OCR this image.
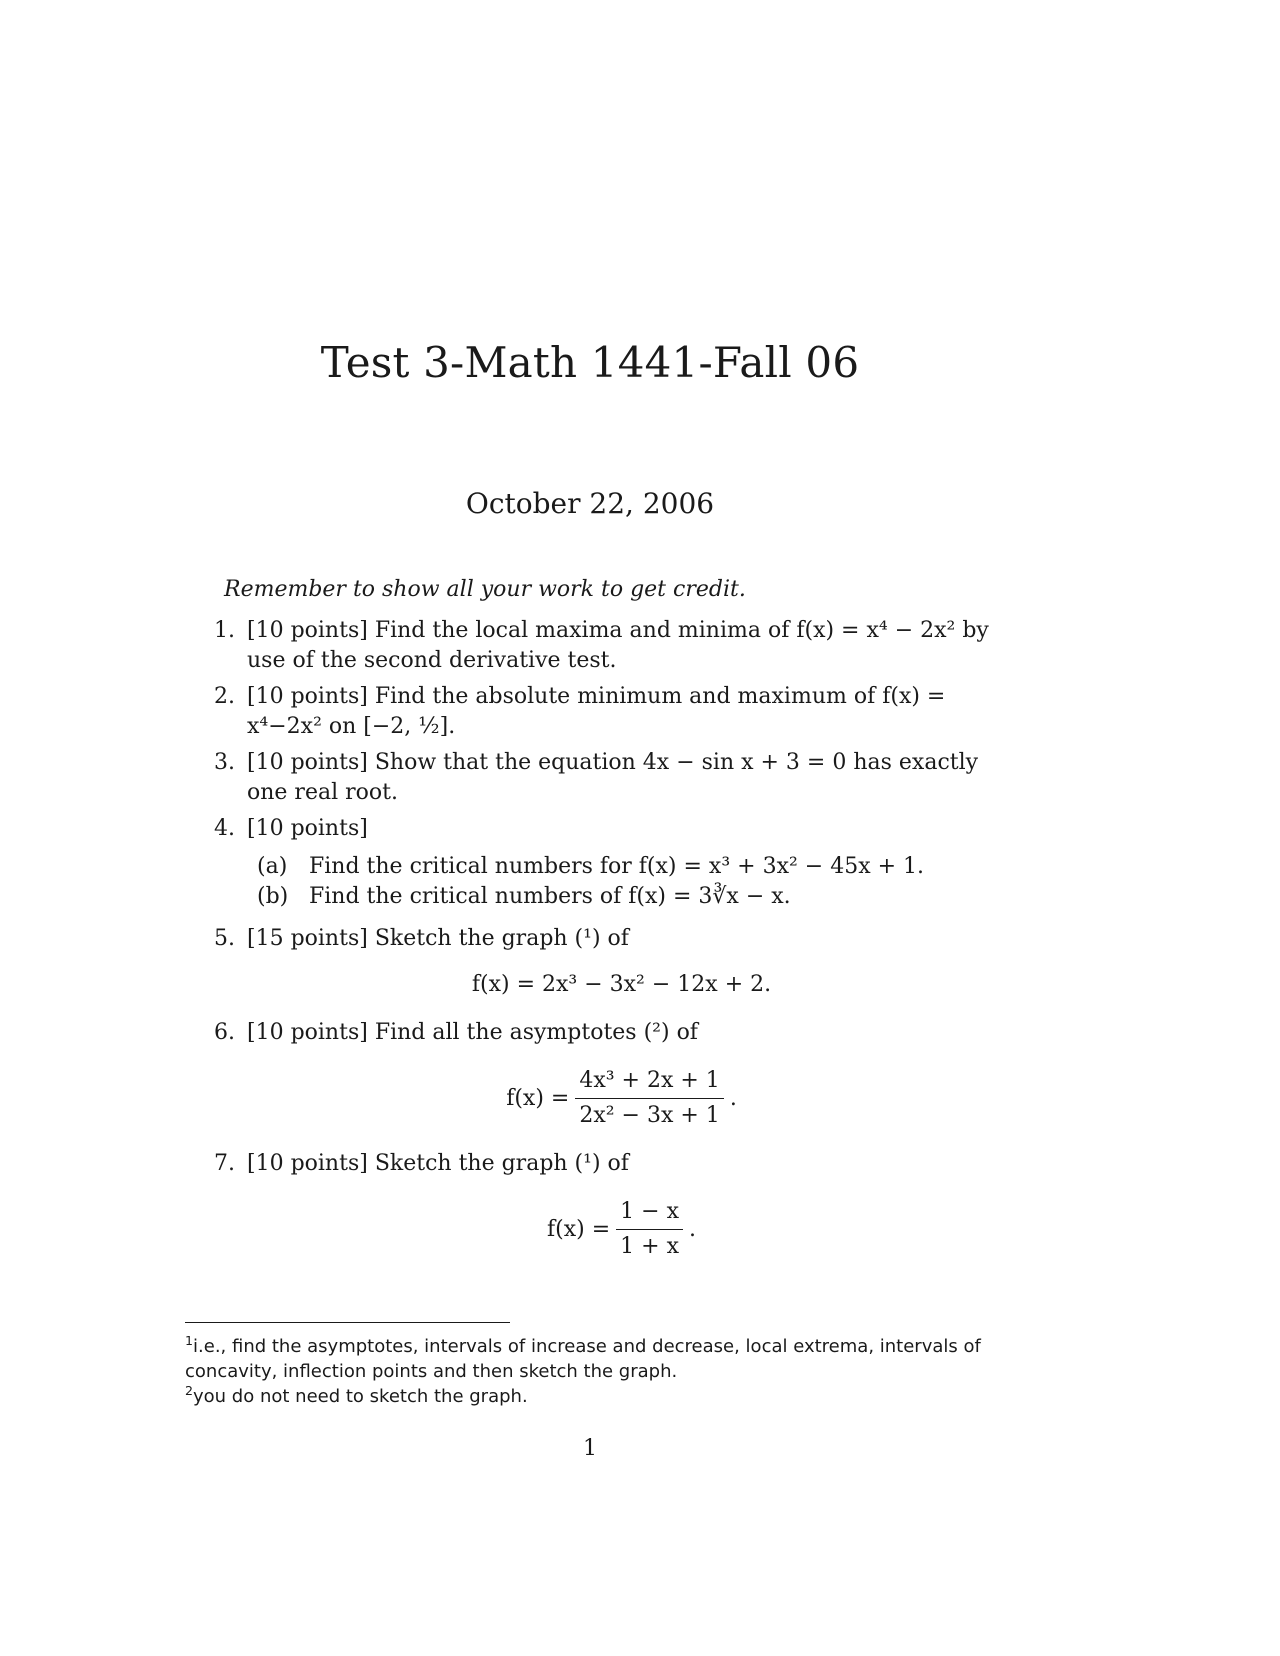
Test 3-Math 1441-Fall 06
October 22, 2006
Remember to show all your work to get credit.
1. [10 points] Find the local maxima and minima of f(x) = x⁴ − 2x² by use of the second derivative test.
2. [10 points] Find the absolute minimum and maximum of f(x) = x⁴−2x² on [−2, ½].
3. [10 points] Show that the equation 4x − sin x + 3 = 0 has exactly one real root.
4. [10 points]
(a) Find the critical numbers for f(x) = x³ + 3x² − 45x + 1.
(b) Find the critical numbers of f(x) = 3∛x − x.
5. [15 points] Sketch the graph (¹) of
f(x) = 2x³ − 3x² − 12x + 2.
6. [10 points] Find all the asymptotes (²) of
$f(x) = \frac{\text{4x³ + 2x + 1}}{\text{2x² − 3x + 1}}$ .
7. [10 points] Sketch the graph (¹) of
$f(x) = \frac{1 - x}{1 + x}$ .
$^1$i.e., find the asymptotes, intervals of increase and decrease, local extrema, intervals of concavity, inflection points and then sketch the graph.
$^2$you do not need to sketch the graph.
1
